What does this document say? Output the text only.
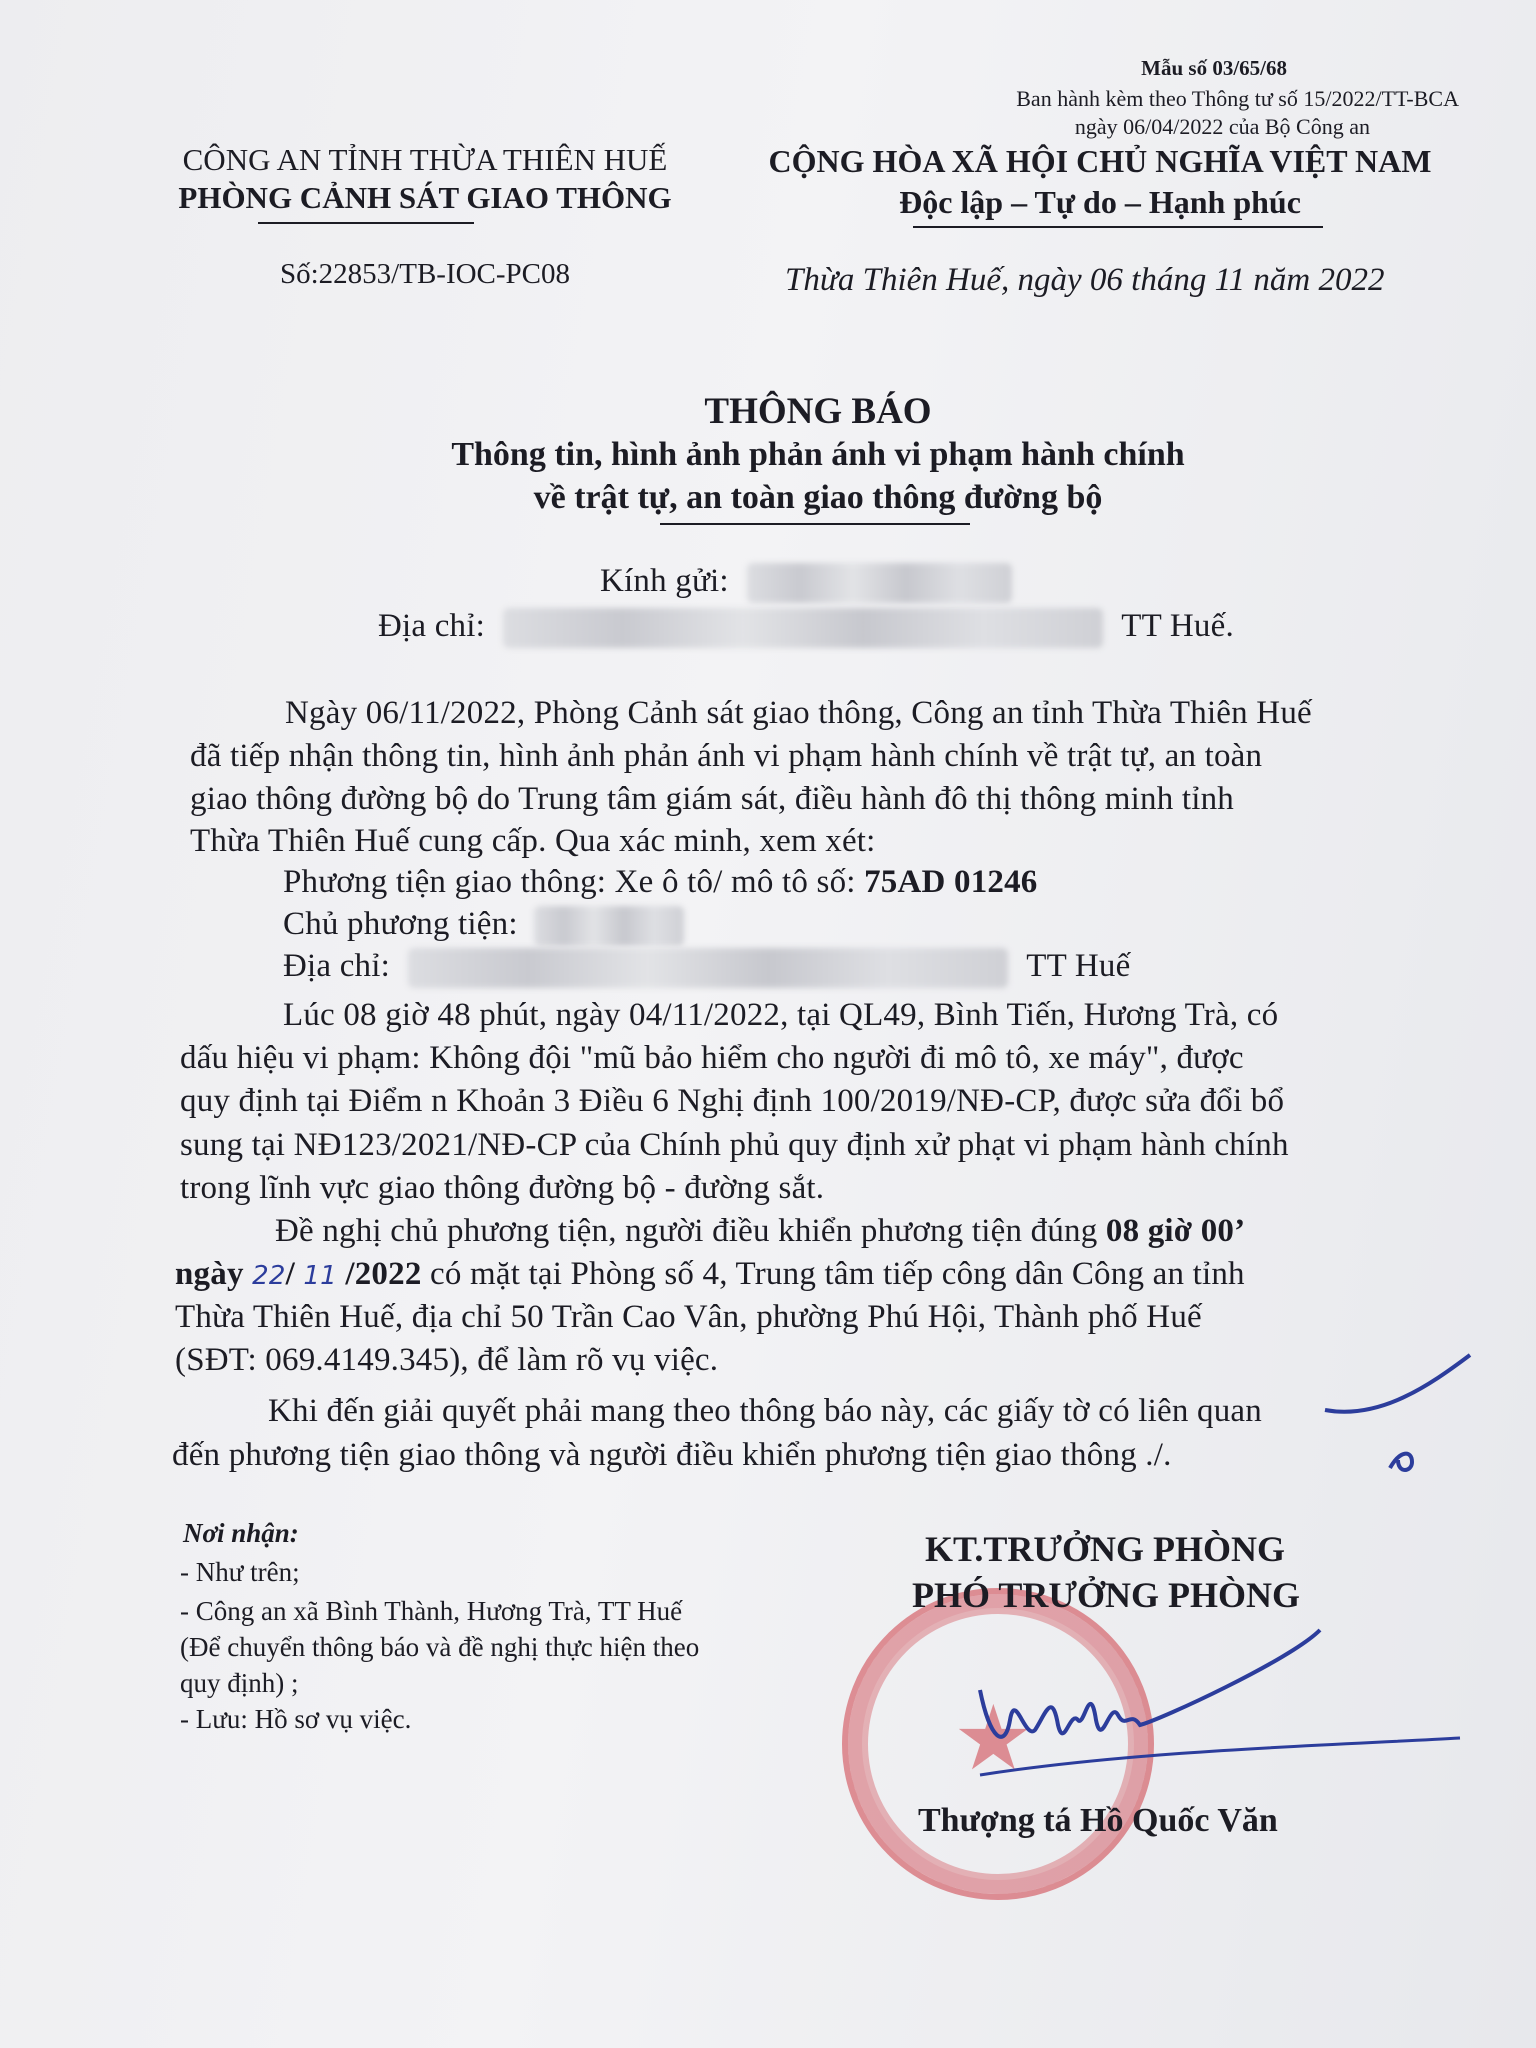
Mẫu số 03/65/68
Ban hành kèm theo Thông tư số 15/2022/TT-BCA
ngày 06/04/2022 của Bộ Công an
CÔNG AN TỈNH THỪA THIÊN HUẾ
PHÒNG CẢNH SÁT GIAO THÔNG
Số:22853/TB-IOC-PC08
CỘNG HÒA XÃ HỘI CHỦ NGHĨA VIỆT NAM
Độc lập – Tự do – Hạnh phúc
Thừa Thiên Huế, ngày 06 tháng 11 năm 2022
THÔNG BÁO
Thông tin, hình ảnh phản ánh vi phạm hành chính
về trật tự, an toàn giao thông đường bộ
Kính gửi:
Địa chỉ:	TT Huế.
Ngày 06/11/2022, Phòng Cảnh sát giao thông, Công an tỉnh Thừa Thiên Huế
đã tiếp nhận thông tin, hình ảnh phản ánh vi phạm hành chính về trật tự, an toàn
giao thông đường bộ do Trung tâm giám sát, điều hành đô thị thông minh tỉnh
Thừa Thiên Huế cung cấp. Qua xác minh, xem xét:
Phương tiện giao thông: Xe ô tô/ mô tô số: 75AD 01246
Chủ phương tiện:
Địa chỉ:	TT Huế
Lúc 08 giờ 48 phút, ngày 04/11/2022, tại QL49, Bình Tiến, Hương Trà, có
dấu hiệu vi phạm: Không đội "mũ bảo hiểm cho người đi mô tô, xe máy", được
quy định tại Điểm n Khoản 3 Điều 6 Nghị định 100/2019/NĐ-CP, được sửa đổi bổ
sung tại NĐ123/2021/NĐ-CP của Chính phủ quy định xử phạt vi phạm hành chính
trong lĩnh vực giao thông đường bộ - đường sắt.
Đề nghị chủ phương tiện, người điều khiển phương tiện đúng 08 giờ 00’
ngày 22/ 11 /2022 có mặt tại Phòng số 4, Trung tâm tiếp công dân Công an tỉnh
Thừa Thiên Huế, địa chỉ 50 Trần Cao Vân, phường Phú Hội, Thành phố Huế
(SĐT: 069.4149.345), để làm rõ vụ việc.
Khi đến giải quyết phải mang theo thông báo này, các giấy tờ có liên quan
đến phương tiện giao thông và người điều khiển phương tiện giao thông ./.
Nơi nhận:
- Như trên;
- Công an xã Bình Thành, Hương Trà, TT Huế
(Để chuyển thông báo và đề nghị thực hiện theo
quy định) ;
- Lưu: Hồ sơ vụ việc.	★
KT.TRƯỞNG PHÒNG
PHÓ TRƯỞNG PHÒNG
Thượng tá Hồ Quốc Văn
